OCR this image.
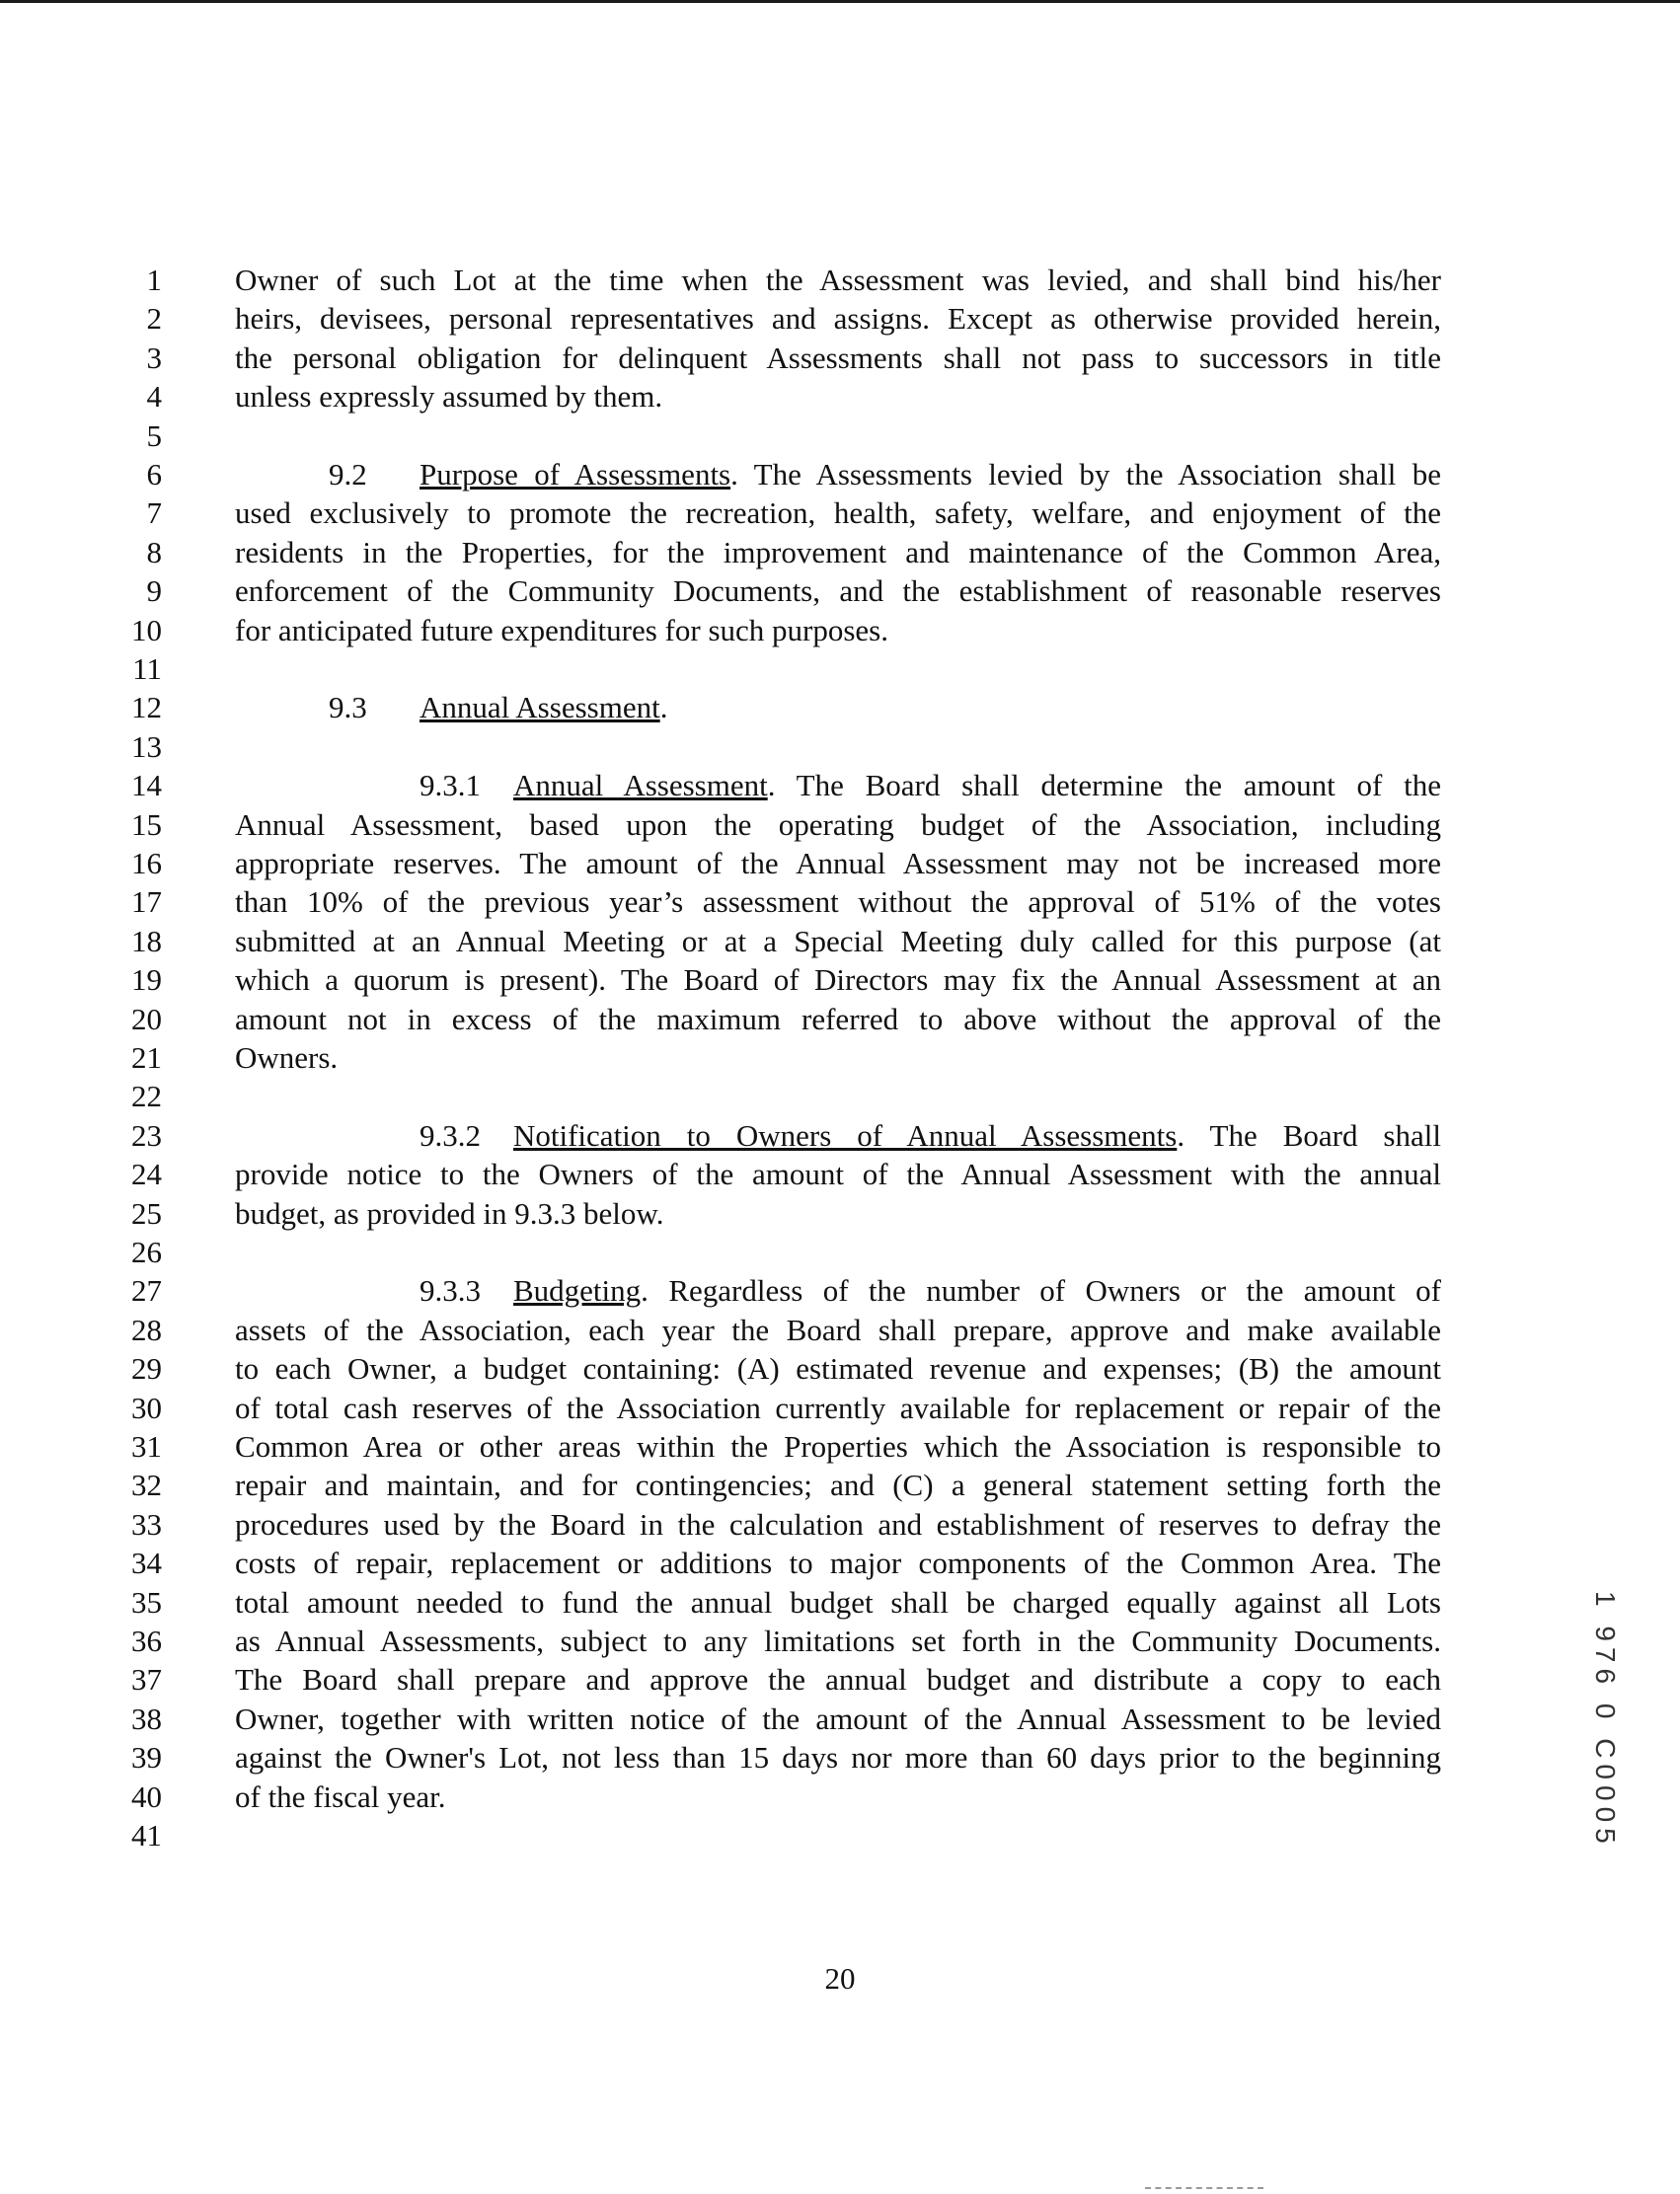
1 Owner of such Lot at the time when the Assessment was levied, and shall bind his/her
2 heirs, devisees, personal representatives and assigns. Except as otherwise provided herein,
3 the personal obligation for delinquent Assessments shall not pass to successors in title
4 unless expressly assumed by them.
5
6	9.2 Purpose of Assessments. The Assessments levied by the Association shall be
7 used exclusively to promote the recreation, health, safety, welfare, and enjoyment of the
8 residents in the Properties, for the improvement and maintenance of the Common Area,
9 enforcement of the Community Documents, and the establishment of reasonable reserves
10 for anticipated future expenditures for such purposes.
11
12	9.3 Annual Assessment.
13
14	9.3.1 Annual Assessment. The Board shall determine the amount of the
15 Annual Assessment, based upon the operating budget of the Association, including
16 appropriate reserves. The amount of the Annual Assessment may not be increased more
17 than 10% of the previous year’s assessment without the approval of 51% of the votes
18 submitted at an Annual Meeting or at a Special Meeting duly called for this purpose (at
19 which a quorum is present). The Board of Directors may fix the Annual Assessment at an
20 amount not in excess of the maximum referred to above without the approval of the
21 Owners.
22
23	9.3.2 Notification to Owners of Annual Assessments. The Board shall
24 provide notice to the Owners of the amount of the Annual Assessment with the annual
25 budget, as provided in 9.3.3 below.
26
27	9.3.3 Budgeting. Regardless of the number of Owners or the amount of
28 assets of the Association, each year the Board shall prepare, approve and make available
29 to each Owner, a budget containing: (A) estimated revenue and expenses; (B) the amount
30 of total cash reserves of the Association currently available for replacement or repair of the
31 Common Area or other areas within the Properties which the Association is responsible to
32 repair and maintain, and for contingencies; and (C) a general statement setting forth the
33 procedures used by the Board in the calculation and establishment of reserves to defray the
34 costs of repair, replacement or additions to major components of the Common Area. The
35 total amount needed to fund the annual budget shall be charged equally against all Lots
36 as Annual Assessments, subject to any limitations set forth in the Community Documents.
37 The Board shall prepare and approve the annual budget and distribute a copy to each
38 Owner, together with written notice of the amount of the Annual Assessment to be levied
39 against the Owner's Lot, not less than 15 days nor more than 60 days prior to the beginning
40 of the fiscal year.
41
20
1 976 0 C0005
